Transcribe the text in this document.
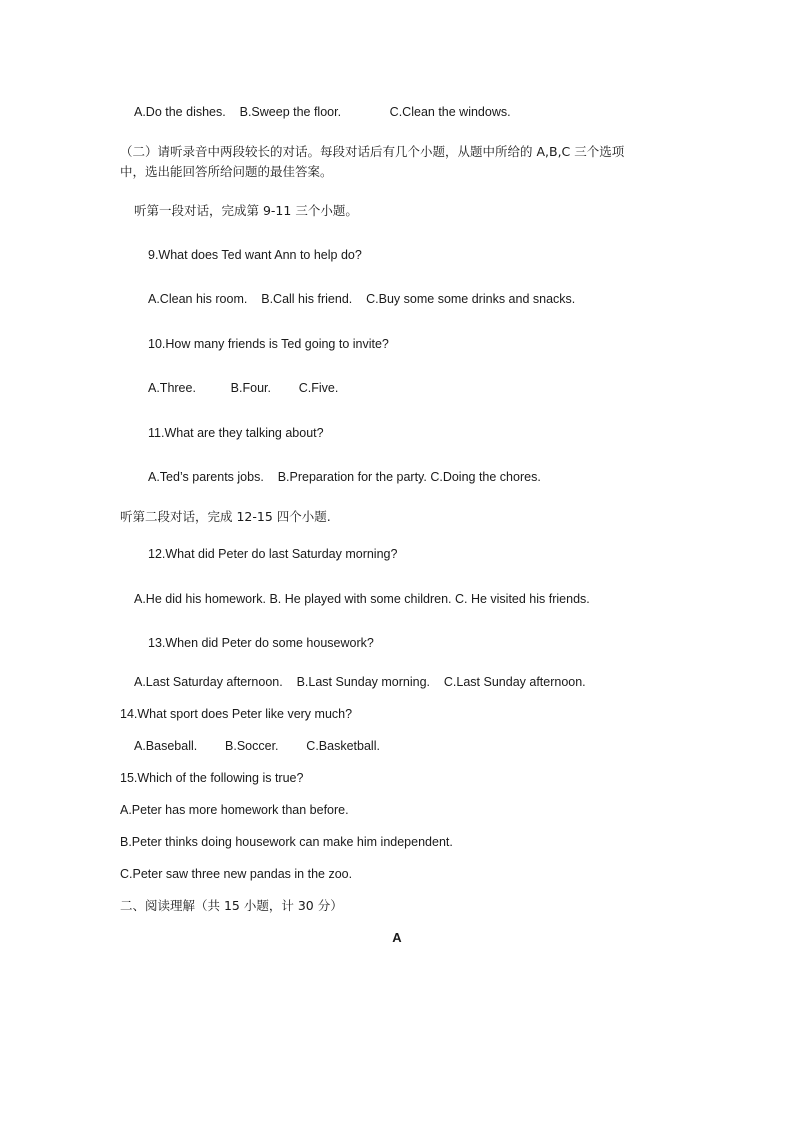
A.Do the dishes.    B.Sweep the floor.              C.Clean the windows.
（二）请听录音中两段较长的对话。每段对话后有几个小题，从题中所给的 A,B,C 三个选项
中，选出能回答所给问题的最佳答案。
听第一段对话，完成第 9-11 三个小题。
9.What does Ted want Ann to help do?
A.Clean his room.    B.Call his friend.    C.Buy some some drinks and snacks.
10.How many friends is Ted going to invite?
A.Three.          B.Four.        C.Five.
11.What are they talking about?
A.Ted’s parents jobs.    B.Preparation for the party. C.Doing the chores.
听第二段对话，完成 12-15 四个小题.
12.What did Peter do last Saturday morning?
A.He did his homework. B. He played with some children. C. He visited his friends.
13.When did Peter do some housework?
A.Last Saturday afternoon.    B.Last Sunday morning.    C.Last Sunday afternoon.
14.What sport does Peter like very much?
A.Baseball.        B.Soccer.        C.Basketball.
15.Which of the following is true?
A.Peter has more homework than before.
B.Peter thinks doing housework can make him independent.
C.Peter saw three new pandas in the zoo.
二、阅读理解（共 15 小题，计 30 分）
A
